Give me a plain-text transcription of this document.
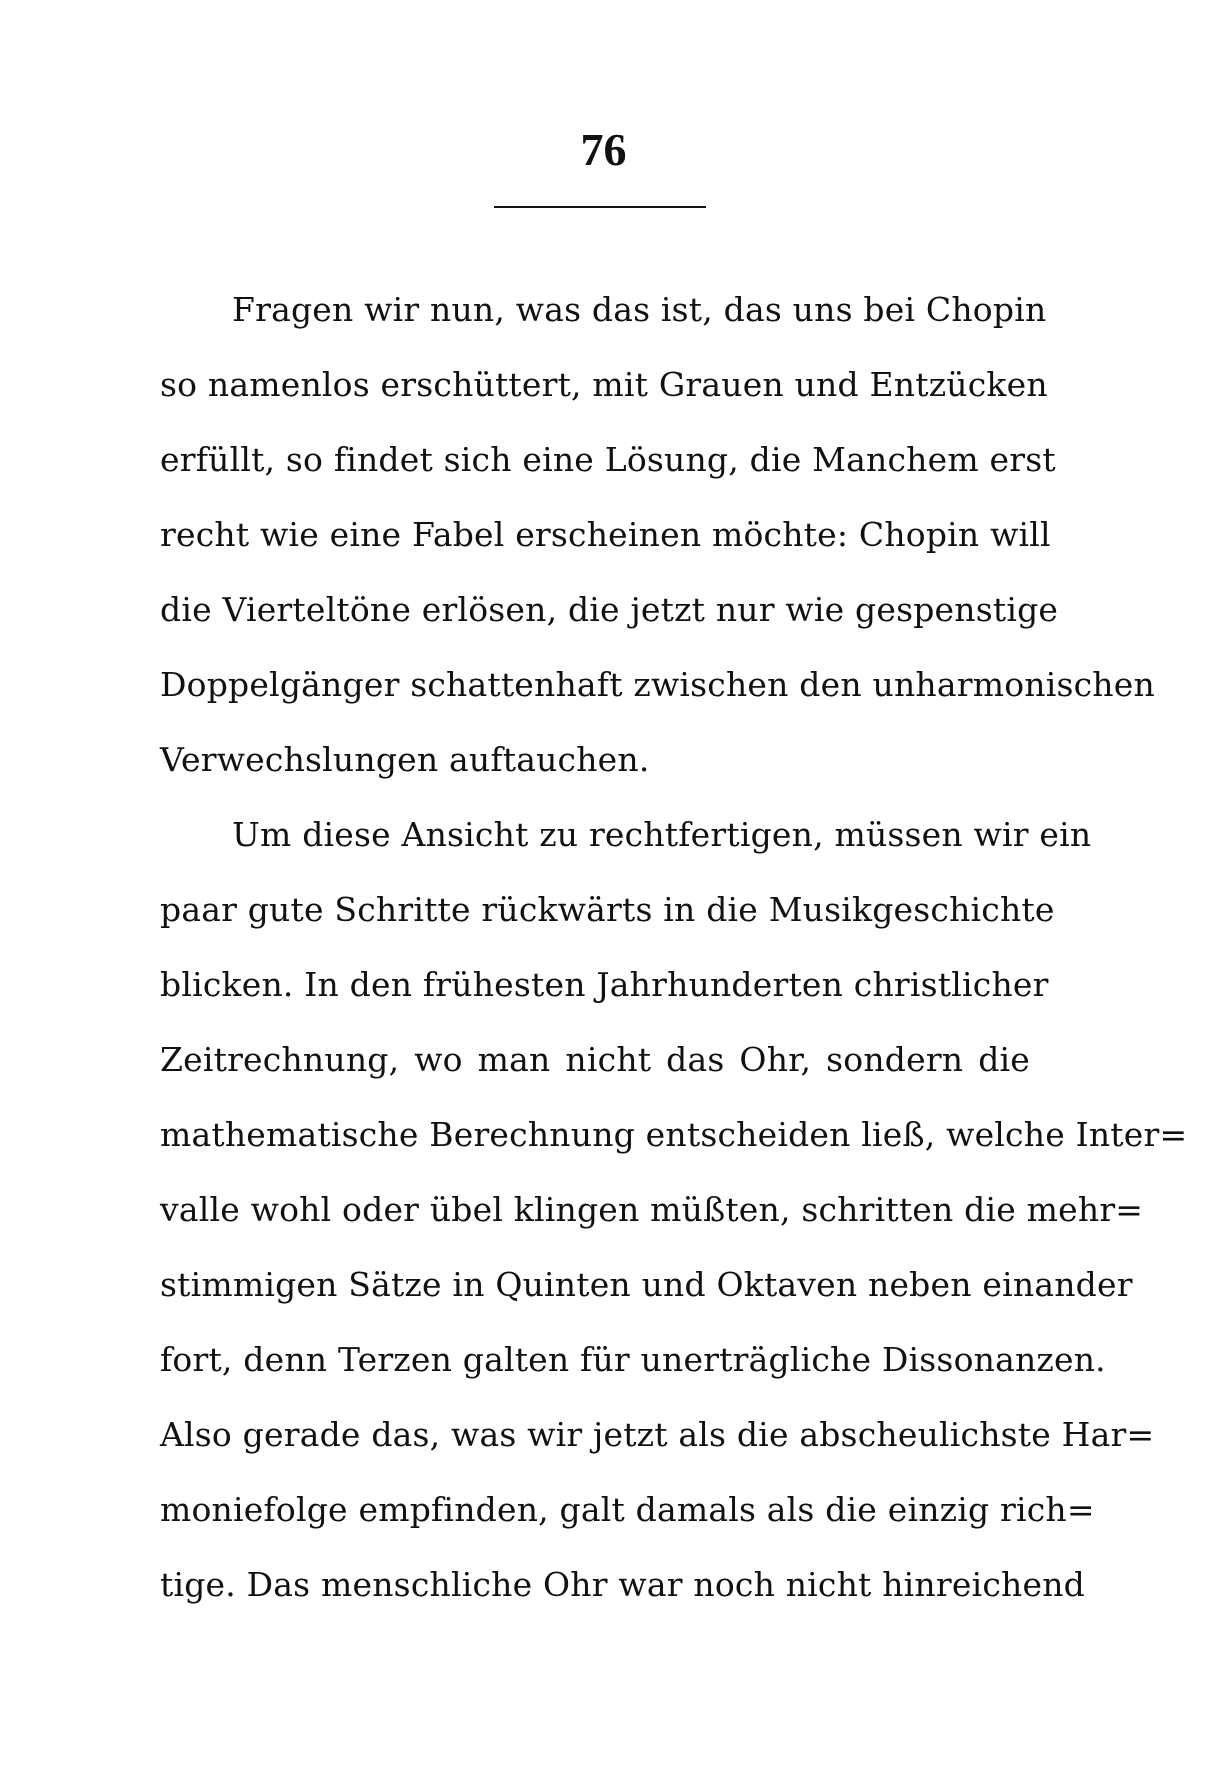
76
Fragen wir nun, was das ist, das uns bei Chopin
so namenlos erschüttert, mit Grauen und Entzücken
erfüllt, so findet sich eine Lösung, die Manchem erst
recht wie eine Fabel erscheinen möchte: Chopin will
die Vierteltöne erlösen, die jetzt nur wie gespenstige
Doppelgänger schattenhaft zwischen den unharmonischen
Verwechslungen auftauchen.
Um diese Ansicht zu rechtfertigen, müssen wir ein
paar gute Schritte rückwärts in die Musikgeschichte
blicken. In den frühesten Jahrhunderten christlicher
Zeitrechnung, wo man nicht das Ohr, sondern die
mathematische Berechnung entscheiden ließ, welche Inter=
valle wohl oder übel klingen müßten, schritten die mehr=
stimmigen Sätze in Quinten und Oktaven neben einander
fort, denn Terzen galten für unerträgliche Dissonanzen.
Also gerade das, was wir jetzt als die abscheulichste Har=
moniefolge empfinden, galt damals als die einzig rich=
tige. Das menschliche Ohr war noch nicht hinreichend
